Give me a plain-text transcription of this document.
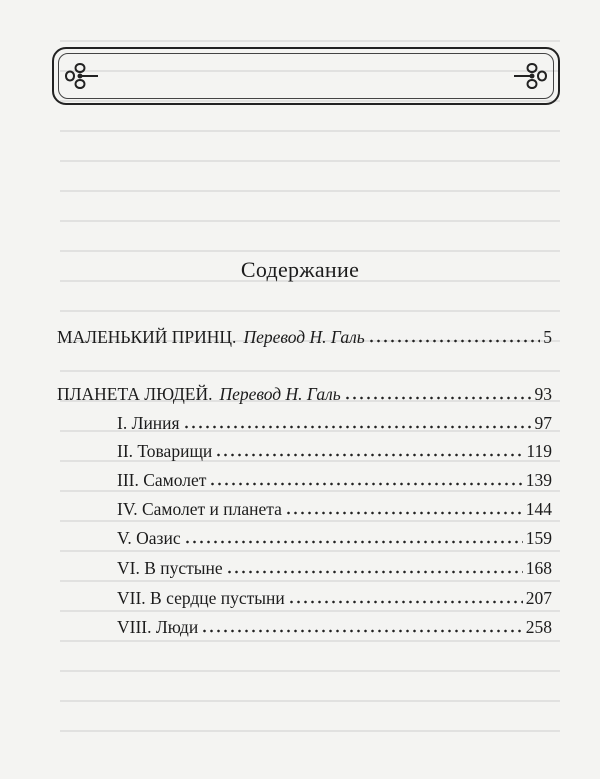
Содержание
МАЛЕНЬКИЙ ПРИНЦ. Перевод Н. Галь	5
ПЛАНЕТА ЛЮДЕЙ. Перевод Н. Галь	93
I. Линия	97
II. Товарищи	119
III. Самолет	139
IV. Самолет и планета	144
V. Оазис	159
VI. В пустыне	168
VII. В сердце пустыни	207
VIII. Люди	258
